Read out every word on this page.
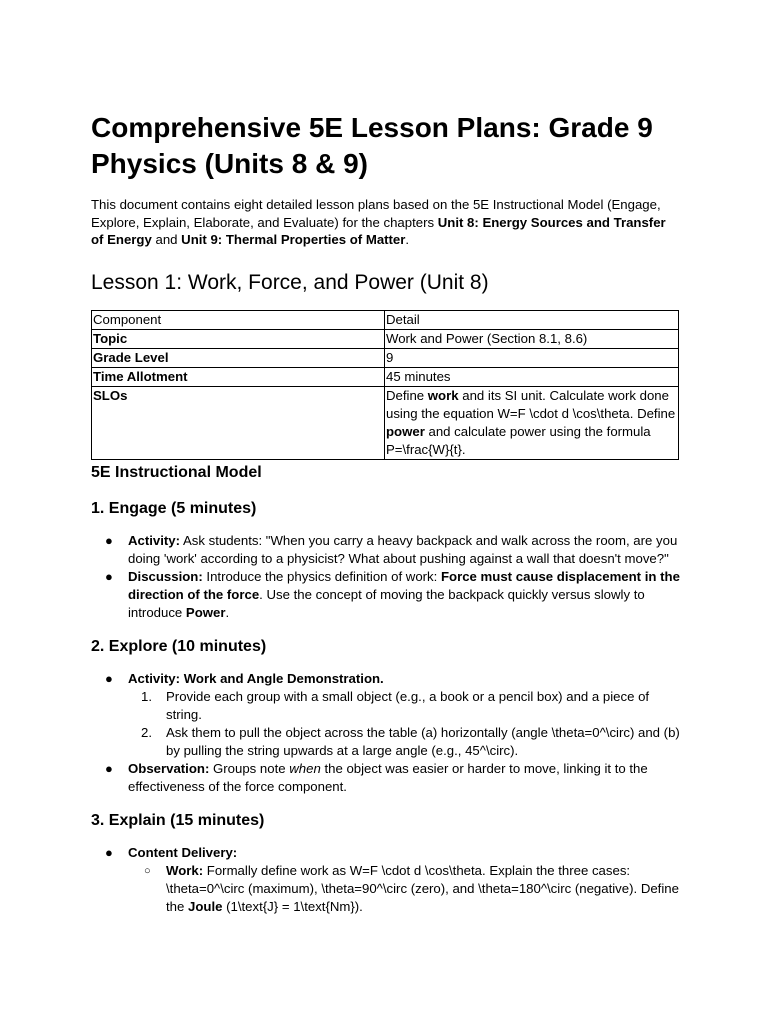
Comprehensive 5E Lesson Plans: Grade 9 Physics (Units 8 & 9)

This document contains eight detailed lesson plans based on the 5E Instructional Model (Engage, Explore, Explain, Elaborate, and Evaluate) for the chapters Unit 8: Energy Sources and Transfer of Energy and Unit 9: Thermal Properties of Matter.

Lesson 1: Work, Force, and Power (Unit 8)
Component	Detail
Topic	Work and Power (Section 8.1, 8.6)
Grade Level	9
Time Allotment	45 minutes
SLOs	Define work and its SI unit. Calculate work done using the equation W=F \cdot d \cos\theta. Define power and calculate power using the formula P=\frac{W}{t}.
5E Instructional Model
1. Engage (5 minutes)
● Activity: Ask students: "When you carry a heavy backpack and walk across the room, are you doing 'work' according to a physicist? What about pushing against a wall that doesn't move?"
● Discussion: Introduce the physics definition of work: Force must cause displacement in the direction of the force. Use the concept of moving the backpack quickly versus slowly to introduce Power.
2. Explore (10 minutes)
● Activity: Work and Angle Demonstration.
1. Provide each group with a small object (e.g., a book or a pencil box) and a piece of string.
2. Ask them to pull the object across the table (a) horizontally (angle \theta=0^\circ) and (b) by pulling the string upwards at a large angle (e.g., 45^\circ).
● Observation: Groups note when the object was easier or harder to move, linking it to the effectiveness of the force component.
3. Explain (15 minutes)
● Content Delivery:
○ Work: Formally define work as W=F \cdot d \cos\theta. Explain the three cases: \theta=0^\circ (maximum), \theta=90^\circ (zero), and \theta=180^\circ (negative). Define the Joule (1\text{J} = 1\text{Nm}).
